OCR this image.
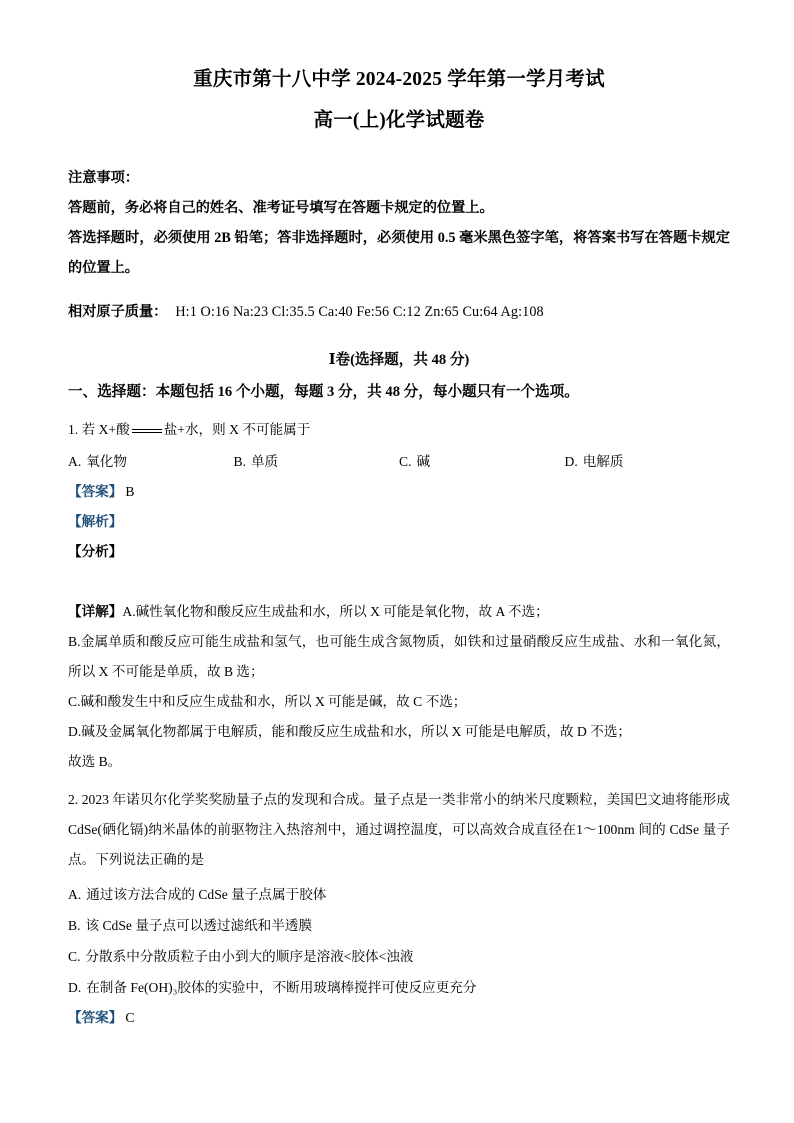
重庆市第十八中学 2024-2025 学年第一学月考试
高一(上)化学试题卷

注意事项：

答题前，务必将自己的姓名、准考证号填写在答题卡规定的位置上。

答选择题时，必须使用 2B 铅笔；答非选择题时，必须使用 0.5 毫米黑色签字笔，将答案书写在答题卡规定的位置上。

相对原子质量： H:1 O:16 Na:23 Cl:35.5 Ca:40 Fe:56 C:12 Zn:65 Cu:64 Ag:108

Ⅰ卷(选择题，共 48 分)

一、选择题：本题包括 16 个小题，每题 3 分，共 48 分，每小题只有一个选项。

1. 若 X+酸	盐+水，则 X 不可能属于

A. 氧化物	B. 单质	C. 碱	D. 电解质

【答案】 B

【解析】

【分析】

【详解】A.碱性氧化物和酸反应生成盐和水，所以 X 可能是氧化物，故 A 不选；

B.金属单质和酸反应可能生成盐和氢气，也可能生成含氮物质，如铁和过量硝酸反应生成盐、水和一氧化氮，所以 X 不可能是单质，故 B 选；

C.碱和酸发生中和反应生成盐和水，所以 X 可能是碱，故 C 不选；

D.碱及金属氧化物都属于电解质，能和酸反应生成盐和水，所以 X 可能是电解质，故 D 不选；

故选 B。

2. 2023 年诺贝尔化学奖奖励量子点的发现和合成。量子点是一类非常小的纳米尺度颗粒，美国巴文迪将能形成 CdSe(硒化镉)纳米晶体的前驱物注入热溶剂中，通过调控温度，可以高效合成直径在1～100nm 间的 CdSe 量子点。下列说法正确的是

A. 通过该方法合成的 CdSe 量子点属于胶体

B. 该 CdSe 量子点可以透过滤纸和半透膜

C. 分散系中分散质粒子由小到大的顺序是溶液<胶体<浊液

D. 在制备 Fe(OH)₃胶体的实验中，不断用玻璃棒搅拌可使反应更充分

【答案】 C
